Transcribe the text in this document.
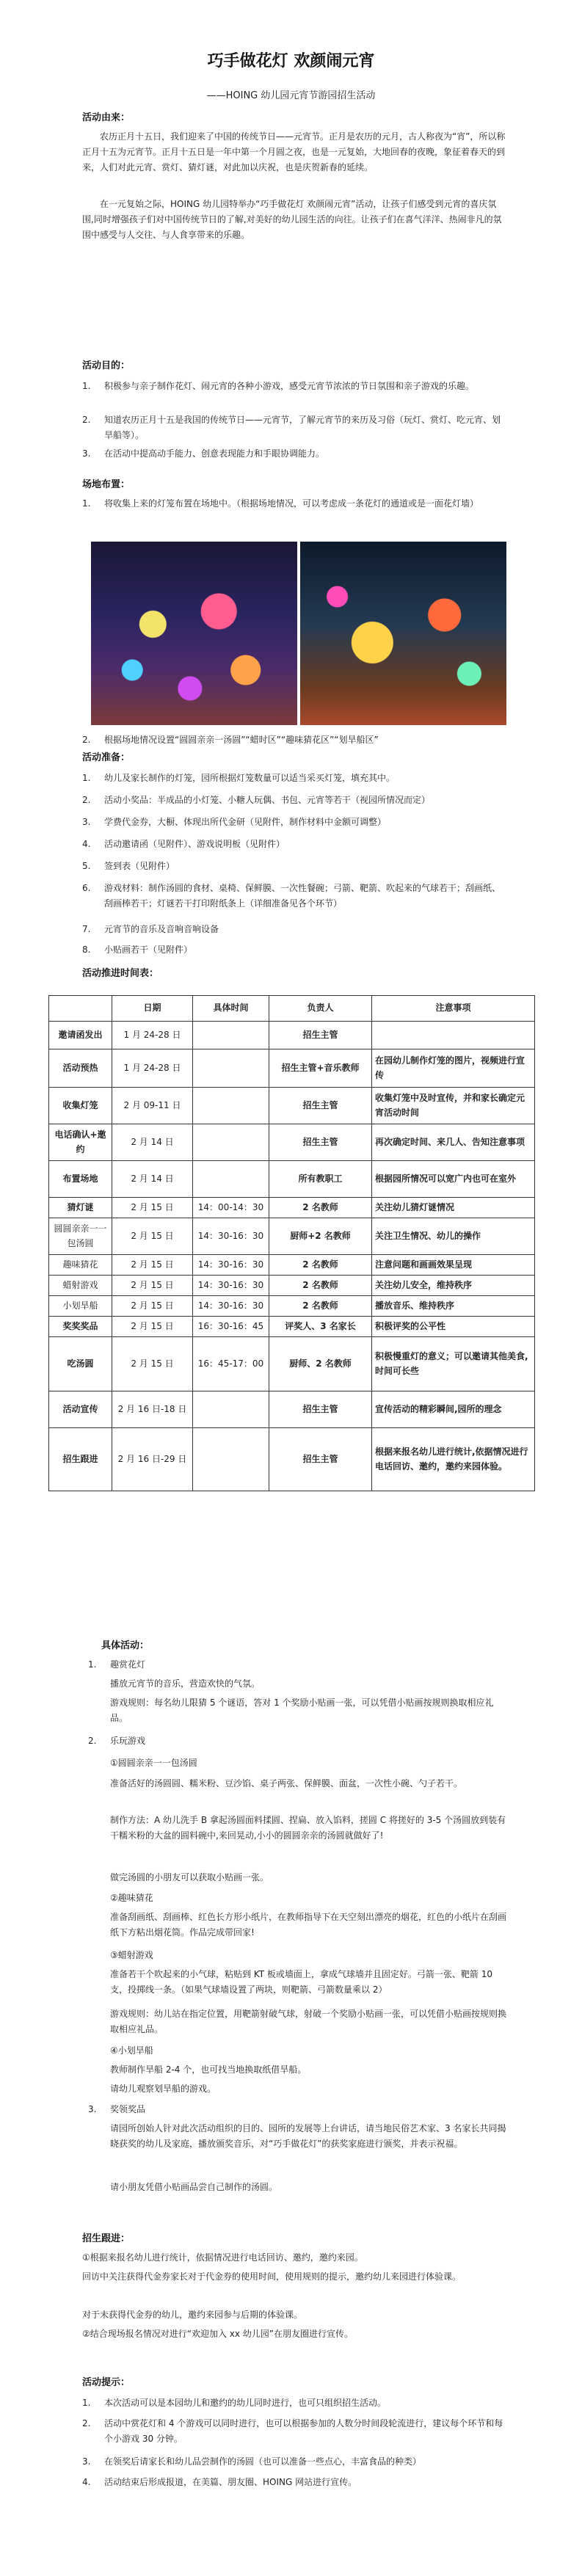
巧手做花灯 欢颜闹元宵
——HOING 幼儿园元宵节游园招生活动
活动由来：
农历正月十五日，我们迎来了中国的传统节日——元宵节。正月是农历的元月，古人称夜为“宵”，所以称正月十五为元宵节。正月十五日是一年中第一个月圆之夜，也是一元复始，大地回春的夜晚，象征着春天的到来，人们对此元宵、赏灯、猜灯谜，对此加以庆祝，也是庆贺新春的延续。
在一元复始之际，HOING 幼儿园特举办“巧手做花灯 欢颜闹元宵”活动，让孩子们感受到元宵的喜庆氛围,同时增强孩子们对中国传统节日的了解,对美好的幼儿园生活的向往。让孩子们在喜气洋洋、热闹非凡的氛围中感受与人交往、与人食享带来的乐趣。
活动目的：
1.	积极参与亲子制作花灯、闹元宵的各种小游戏，感受元宵节浓浓的节日氛围和亲子游戏的乐趣。
2.	知道农历正月十五是我国的传统节日——元宵节，了解元宵节的来历及习俗（玩灯、赏灯、吃元宵、划旱船等）。
3.	在活动中提高动手能力、创意表现能力和手眼协调能力。
场地布置：
1.	将收集上来的灯笼布置在场地中。（根据场地情况，可以考虑成一条花灯的通道或是一面花灯墙）
2.	根据场地情况设置“圆圆亲亲一汤圆”“蜡时区”“趣味猜花区”“划旱船区”
活动准备：
1.	幼儿及家长制作的灯笼，园所根据灯笼数量可以适当采买灯笼，填充其中。
2.	活动小奖品：半成品的小灯笼、小糖人玩偶、书包、元宵等若干（视园所情况而定）
3.	学费代金券，大橱、体现出所代金研（见附件，制作材料中金额可调整）
4.	活动邀请函（见附件）、游戏说明板（见附件）
5.	签到表（见附件）
6.	游戏材料：制作汤圆的食材、桌椅、保鲜膜、一次性餐碗；弓箭、靶箭、吹起来的气球若干；刮画纸、刮画棒若干；灯谜若干打印附纸条上（详细准备见各个环节）
7.	元宵节的音乐及音响音响设备
8.	小贴画若干（见附件）
活动推进时间表：
	日期	具体时间	负责人	注意事项
邀请函发出	1 月 24-28 日		招生主管	
活动预热	1 月 24-28 日		招生主管+音乐教师	在园幼儿制作灯笼的图片，视频进行宣传
收集灯笼	2 月 09-11 日		招生主管	收集灯笼中及时宣传，并和家长确定元宵活动时间
电话确认+邀约	2 月 14 日		招生主管	再次确定时间、来几人、告知注意事项
布置场地	2 月 14 日		所有教职工	根据园所情况可以宽广内也可在室外
猜灯谜	2 月 15 日	14：00-14：30	2 名教师	关注幼儿猜灯谜情况
圆圆亲亲一一包汤圆	2 月 15 日	14：30-16：30	厨师+2 名教师	关注卫生情况、幼儿的操作
趣味猜花	2 月 15 日	14：30-16：30	2 名教师	注意问题和画画效果呈现
蜡射游戏	2 月 15 日	14：30-16：30	2 名教师	关注幼儿安全，维持秩序
小划旱船	2 月 15 日	14：30-16：30	2 名教师	播放音乐、维持秩序
奖奖奖品	2 月 15 日	16：30-16：45	评奖人、3 名家长	积极评奖的公平性
吃汤圆	2 月 15 日	16：45-17：00	厨师、2 名教师	积极慢重灯的意义；可以邀请其他美食,时间可长些
活动宣传	2 月 16 日-18 日		招生主管	宣传活动的精彩瞬间,园所的理念
招生跟进	2 月 16 日-29 日		招生主管	根据来报名幼儿进行统计,依据情况进行电话回访、邀约，邀约来园体验。
具体活动：
1.	趣赏花灯
播放元宵节的音乐，营造欢快的气氛。
游戏规则：每名幼儿限猜 5 个谜语，答对 1 个奖励小贴画一张，可以凭借小贴画按规则换取相应礼品。
2.	乐玩游戏
①圆圆亲亲一一包汤圆
准备活好的汤圆圆、糯米粉、豆沙馅、桌子两张、保鲜膜、面盆，一次性小碗、勺子若干。
制作方法：A 幼儿洗手 B 拿起汤圆面料揉圆、捏扁、放入馅料，搓圆 C 将搓好的 3-5 个汤圆放到装有干糯米粉的大盆的圆料碗中,来回晃动,小小的圆圆亲亲的汤圆就做好了!
做完汤圆的小朋友可以获取小贴画一张。
②趣味猜花
准备刮画纸、刮画棒、红色长方形小纸片，在教师指导下在天空刻出漂亮的烟花，红色的小纸片在刮画纸下方粘出烟花筒。作品完成带回家!
③蜡射游戏
准备若干个吹起来的小气球，粘贴到 KT 板或墙面上，拿成气球墙并且固定好。弓箭一张、靶箭 10 支，投掷线一条。（如果气球墙设置了两块，则靶箭、弓箭数量乘以 2）
游戏规则：幼儿站在指定位置，用靶箭射破气球，射破一个奖励小贴画一张，可以凭借小贴画按规则换取相应礼品。
④小划旱船
教师制作旱船 2-4 个，也可找当地换取纸借旱船。
请幼儿观察划旱船的游戏。
3.	奖领奖品
请园所创始人针对此次活动组织的目的、园所的发展等上台讲话，请当地民俗艺术家、3 名家长共同揭晓获奖的幼儿及家庭，播放颁奖音乐，对“巧手做花灯”的获奖家庭进行颁奖，并表示祝福。
请小朋友凭借小贴画品尝自己制作的汤圆。
招生跟进：
①根据来报名幼儿进行统计，依据情况进行电话回访、邀约，邀约来园。
回访中关注获得代金券家长对于代金券的使用时间，使用规则的提示，邀约幼儿来园进行体验课。
对于未获得代金券的幼儿，邀约来园参与后期的体验课。
②结合现场报名情况对进行“欢迎加入 xx 幼儿园”在朋友圈进行宣传。
活动提示：
1.	本次活动可以是本园幼儿和邀约的幼儿同时进行，也可只组织招生活动。
2.	活动中赏花灯和 4 个游戏可以同时进行，也可以根据参加的人数分时间段轮流进行，建议每个环节和每个小游戏 30 分钟。
3.	在领奖后请家长和幼儿品尝制作的汤圆（也可以准备一些点心，丰富食品的种类）
4.	活动结束后形成报道，在美篇、朋友圈、HOING 网站进行宣传。
